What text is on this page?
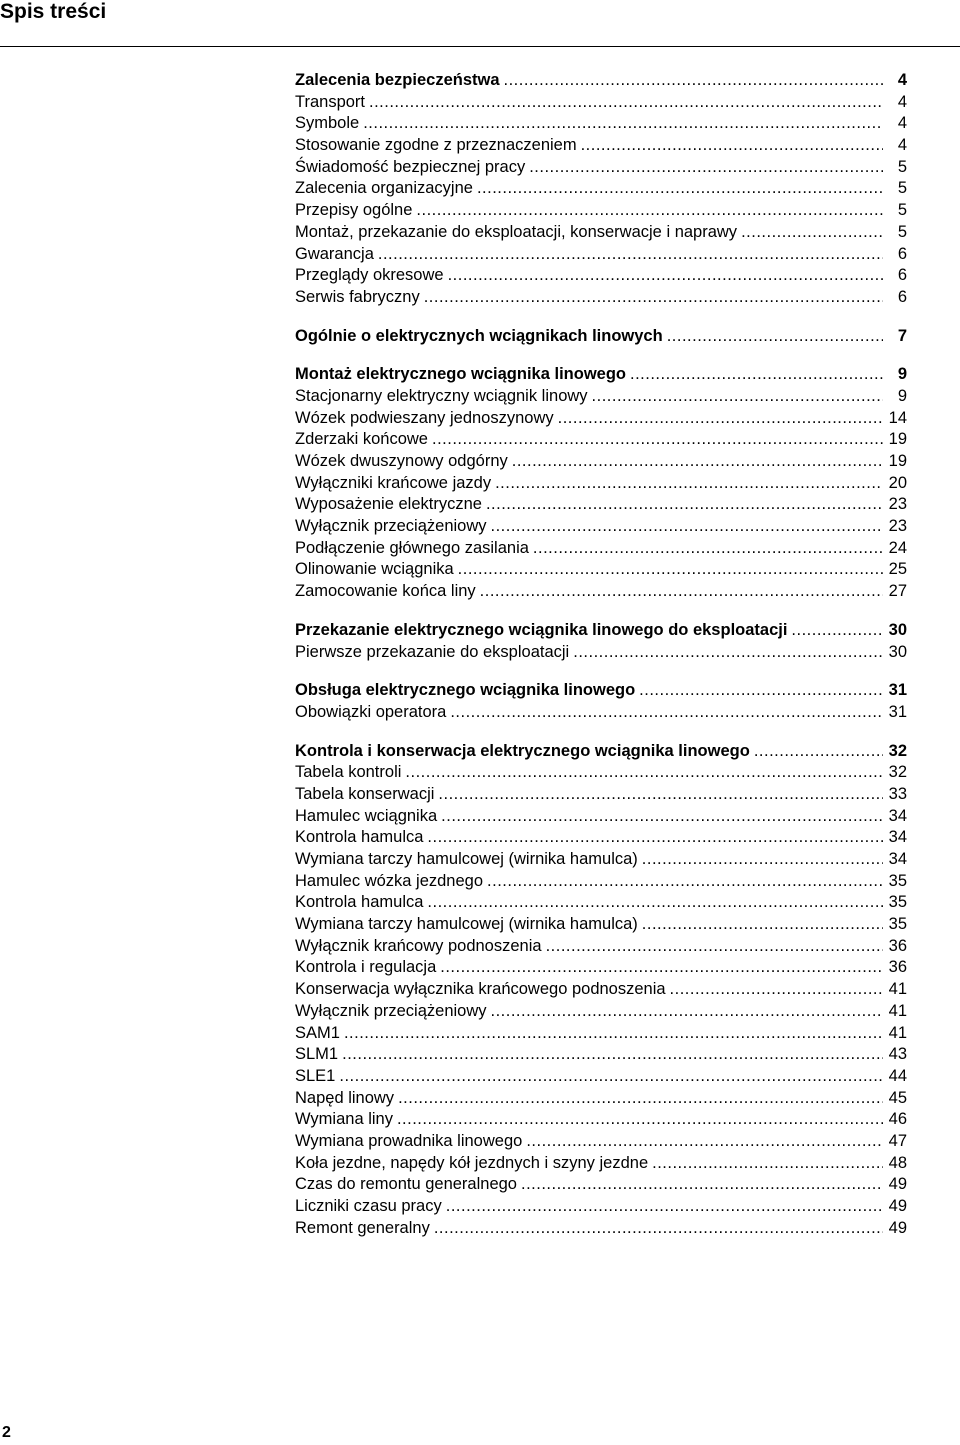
Spis treści
Zalecenia bezpieczeństwa .....	4
Transport .....	4
Symbole .....	4
Stosowanie zgodne z przeznaczeniem .....	4
Świadomość bezpiecznej pracy .....	5
Zalecenia organizacyjne .....	5
Przepisy ogólne .....	5
Montaż, przekazanie do eksploatacji, konserwacje i naprawy .....	5
Gwarancja .....	6
Przeglądy okresowe .....	6
Serwis fabryczny .....	6
Ogólnie o elektrycznych wciągnikach linowych .....	7
Montaż elektrycznego wciągnika linowego .....	9
Stacjonarny elektryczny wciągnik linowy .....	9
Wózek podwieszany jednoszynowy .....	14
Zderzaki końcowe .....	19
Wózek dwuszynowy odgórny .....	19
Wyłączniki krańcowe jazdy .....	20
Wyposażenie elektryczne .....	23
Wyłącznik przeciążeniowy .....	23
Podłączenie głównego zasilania .....	24
Olinowanie wciągnika .....	25
Zamocowanie końca liny .....	27
Przekazanie elektrycznego wciągnika linowego do eksploatacji .....	30
Pierwsze przekazanie do eksploatacji .....	30
Obsługa elektrycznego wciągnika linowego .....	31
Obowiązki operatora .....	31
Kontrola i konserwacja elektrycznego wciągnika linowego .....	32
Tabela kontroli .....	32
Tabela konserwacji .....	33
Hamulec wciągnika .....	34
Kontrola hamulca .....	34
Wymiana tarczy hamulcowej (wirnika hamulca) .....	34
Hamulec wózka jezdnego .....	35
Kontrola hamulca .....	35
Wymiana tarczy hamulcowej (wirnika hamulca) .....	35
Wyłącznik krańcowy podnoszenia .....	36
Kontrola i regulacja .....	36
Konserwacja wyłącznika krańcowego podnoszenia .....	41
Wyłącznik przeciążeniowy .....	41
SAM1 .....	41
SLM1 .....	43
SLE1 .....	44
Napęd linowy .....	45
Wymiana liny .....	46
Wymiana prowadnika linowego .....	47
Koła jezdne, napędy kół jezdnych i szyny jezdne .....	48
Czas do remontu generalnego .....	49
Liczniki czasu pracy .....	49
Remont generalny .....	49
2
